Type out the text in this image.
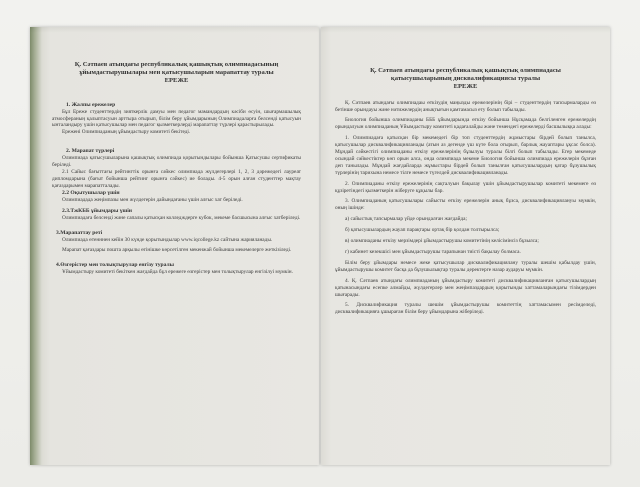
Қ. Сәтпаев атындағы республикалық қашықтық олимпиадасының
ұйымдастырушылары мен қатысушыларын марапаттау туралы
ЕРЕЖЕ
1. Жалпы ережелер

Бұл Ереже студенттердің зияткерлік дамуы мен педагог мамандардың кәсіби өсуін, шығармашылық атмосфераның қалыптасуын арттыра отырып, білім беру ұйымдарының Олимпиадаларға белсенді қатысуын ынталандыру үшін қатысушылар мен педагог қызметкерлерді марапаттау түрлері қарастырылады.

Ережені Олимпиаданың ұйымдастыру комитеті бекітеді.

2. Марапат түрлері

Олимпиада қатысушыларына қашықтық олимпиада қорытындылары бойынша Қатысушы сертификаты беріледі.

2.1 Сайыс бағыттағы рейтингтік орынға сәйкес олимпиада жүлдегерлері 1, 2, 3 дәрежедегі лауреат дипломдарына (бағыт бойынша рейтинг орынға сәйкес) ие болады. 4-5 орын алған студенттер мақтау қағаздарымен марапатталады.

2.2 Оқытушылар үшін

Олимпиадада жеңімпазы мен жүлдегерін дайындағаны үшін алғыс хат беріледі.

2.3.ТжКББ ұйымдары үшін

Олимпиадаға белсенді және сапалы қатысқан колледждерге кубок, мекеме басшысына алғыс хатберіледі.

3.Марапаттау реті

Олимпиада өтенннен кейін 30 күнде қорытындылар www.iqcollege.kz сайтына жарияланады.

Марапат қағаздары пошта арқылы өтінішке көрсетілген мекенжай бойынша мекемелерге жеткізіледі.

4.Өзгерістер мен толықтырулар енгізу туралы

Ұйымдастыру комитеті бекіткен жағдайда бұл ережеге өзгерістер мен толықтырулар енгізілуі мүмкін.

Қ. Сәтпаев атындағы республикалық қашықтық олимпиадасы
қатысушыларының дисквалификациясы туралы
ЕРЕЖЕ

Қ. Сәтпаев атындағы олимпиадаы өткізудің маңызды ережелерінің бірі – студенттердің тапсырмаларды өз бетінше орындауы және нәтижелердің анықтығын қамтамасыз ету болып табылады.

Биология бойынша олимпиаданы БББ ұйымдарында өткізу бойынша Нұсқамада белгіленген ережелердің орындалуын олимпиаданың Ұйымдастыру комитеті қадағалайды және төмендегі ережелерді басшылыққа алады:

1. Олимпиадаға қатысқан бір мекемедегі бір топ студенттердің жұмыстары бірдей болып танылса, қатысушылар дисквалификацияланады (атын аз дегенде үш күте бола отырып, барлық жауаптары ұқсас болса). Мұндай сәйкестігі олимпиаданы өткізу ережелерінің бұзылуы туралы білгі болып табылады. Егер мекемеде осындай сәйкестіктер көп орын алса, онда олимпиада мекеме Биология бойынша олимпиада ережелерін бұзған деп танылады. Мұндай жағдайларда жұмыстары бірдей болып танылған қатысушылардың қатар бұзушылық түрлерінің тарихына немесе тілге немесе түгелдей дисквалификацияланады.

2. Олимпиаданы өткізу ережелерінің сақталуын бақылау үшін ұйымдастырушылар комитеті мекемеге өз құзіретіндегі қызметкерін жіберуге құқылы бар.

3. Олимпиаданың қатысушылары сайысты өткізу ережелерін анық бұзса, дисквалификациялануы мүмкін, оның ішінде:

а) сайыстық тапсырмалар үйде орындалған жағдайда;

б) қатысушылардың жауап парақтары ортақ бір қолдан толтырылса;

в) олимпиаданы өткізу мерзімдері ұйымдастырушы комитетінің келісімінсіз бұзылса;

г) кабинет кезекшісі мен ұйымдастырушы тарапынан тиісті бақылау болмаса.

Білім беру ұйымдары немесе жеке қатысушылар дисквалификациялану туралы шешім қабылдау үшін, ұйымдастырушы комитет басқа да бұзушылықтар туралы деректерге назар аударуы мүмкін.

4. Қ. Сәтпаев атындағы олимпиаданың ұйымдастыру комитеті дисквалификацияланған қатысушылардың қатынасындағы есепке алмайды, жүлдегерлер мен жеңімпаздардың қорытынды хаттамаларындағы тізімдерден шығарады.

5. Дисквалификация туралы шешім ұйымдастырушы комитеттің хаттамасымен ресімделеді, дисквалификацияға ұшыраған білім беру ұйымдарына жіберіледі.
